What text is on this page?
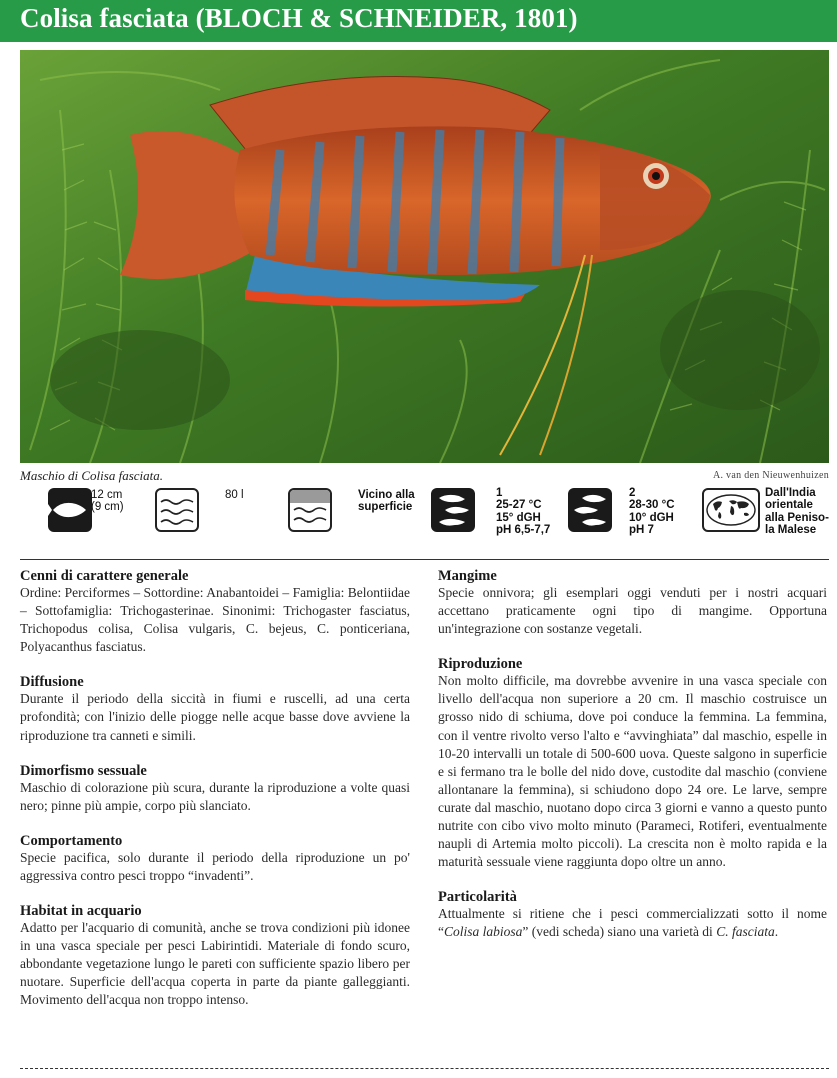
Colisa fasciata (BLOCH & SCHNEIDER, 1801)
Maschio di Colisa fasciata.	A. van den Nieuwenhuizen
12 cm
(9 cm)
80 l	Vicino alla
superficie
1
25-27 °C
15° dGH
pH 6,5-7,7
2
28-30 °C
10° dGH
pH 7
Dall'India
orientale
alla Peniso-
la Malese
Cenni di carattere generale

Ordine: Perciformes – Sottordine: Anabantoidei – Famiglia: Belontiidae – Sottofamiglia: Trichogasterinae. Sinonimi: Trichogaster fasciatus, Trichopodus colisa, Colisa vulgaris, C. bejeus, C. ponticeriana, Polyacanthus fasciatus.

Diffusione

Durante il periodo della siccità in fiumi e ruscelli, ad una certa profondità; con l'inizio delle piogge nelle acque basse dove avviene la riproduzione tra canneti e simili.

Dimorfismo sessuale

Maschio di colorazione più scura, durante la riproduzione a volte quasi nero; pinne più ampie, corpo più slanciato.

Comportamento

Specie pacifica, solo durante il periodo della riproduzione un po' aggressiva contro pesci troppo “invadenti”.

Habitat in acquario

Adatto per l'acquario di comunità, anche se trova condizioni più idonee in una vasca speciale per pesci Labirintidi. Materiale di fondo scuro, abbondante vegetazione lungo le pareti con sufficiente spazio libero per nuotare. Superficie dell'acqua coperta in parte da piante galleggianti. Movimento dell'acqua non troppo intenso.

Mangime

Specie onnivora; gli esemplari oggi venduti per i nostri acquari accettano praticamente ogni tipo di mangime. Opportuna un'integrazione con sostanze vegetali.

Riproduzione

Non molto difficile, ma dovrebbe avvenire in una vasca speciale con livello dell'acqua non superiore a 20 cm. Il maschio costruisce un grosso nido di schiuma, dove poi conduce la femmina. La femmina, con il ventre rivolto verso l'alto e “avvinghiata” dal maschio, espelle in 10-20 intervalli un totale di 500-600 uova. Queste salgono in superficie e si fermano tra le bolle del nido dove, custodite dal maschio (conviene allontanare la femmina), si schiudono dopo 24 ore. Le larve, sempre curate dal maschio, nuotano dopo circa 3 giorni e vanno a questo punto nutrite con cibo vivo molto minuto (Parameci, Rotiferi, eventualmente naupli di Artemia molto piccoli). La crescita non è molto rapida e la maturità sessuale viene raggiunta dopo oltre un anno.

Particolarità

Attualmente si ritiene che i pesci commercializzati sotto il nome “Colisa labiosa” (vedi scheda) siano una varietà di C. fasciata.
